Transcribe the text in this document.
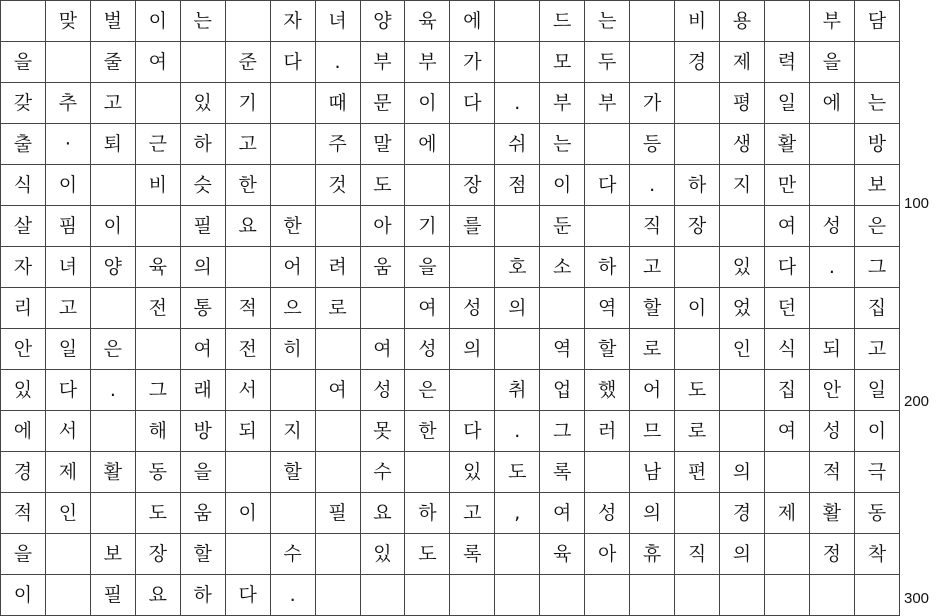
	맞	벌	이	는		자	녀	양	육	에		드	는		비	용		부	담
을		줄	여		준	다	.	부	부	가		모	두		경	제	력	을	
갖	추	고		있	기		때	문	이	다	.	부	부	가		평	일	에	는
출	·	퇴	근	하	고		주	말	에		쉬	는		등		생	활		방
식	이		비	슷	한		것	도		장	점	이	다	.	하	지	만		보
살	핌	이		필	요	한		아	기	를		둔		직	장		여	성	은
자	녀	양	육	의		어	려	움	을		호	소	하	고		있	다	.	그
리	고		전	통	적	으	로		여	성	의		역	할	이	었	던		집
안	일	은		여	전	히		여	성	의		역	할	로		인	식	되	고
있	다	.	그	래	서		여	성	은		취	업	했	어	도		집	안	일
에	서		해	방	되	지		못	한	다	.	그	러	므	로		여	성	이
경	제	활	동	을		할		수		있	도	록		남	편	의		적	극
적	인		도	움	이		필	요	하	고	,	여	성	의		경	제	활	동
을		보	장	할		수		있	도	록		육	아	휴	직	의		정	착
이		필	요	하	다	.													
100
200
300
